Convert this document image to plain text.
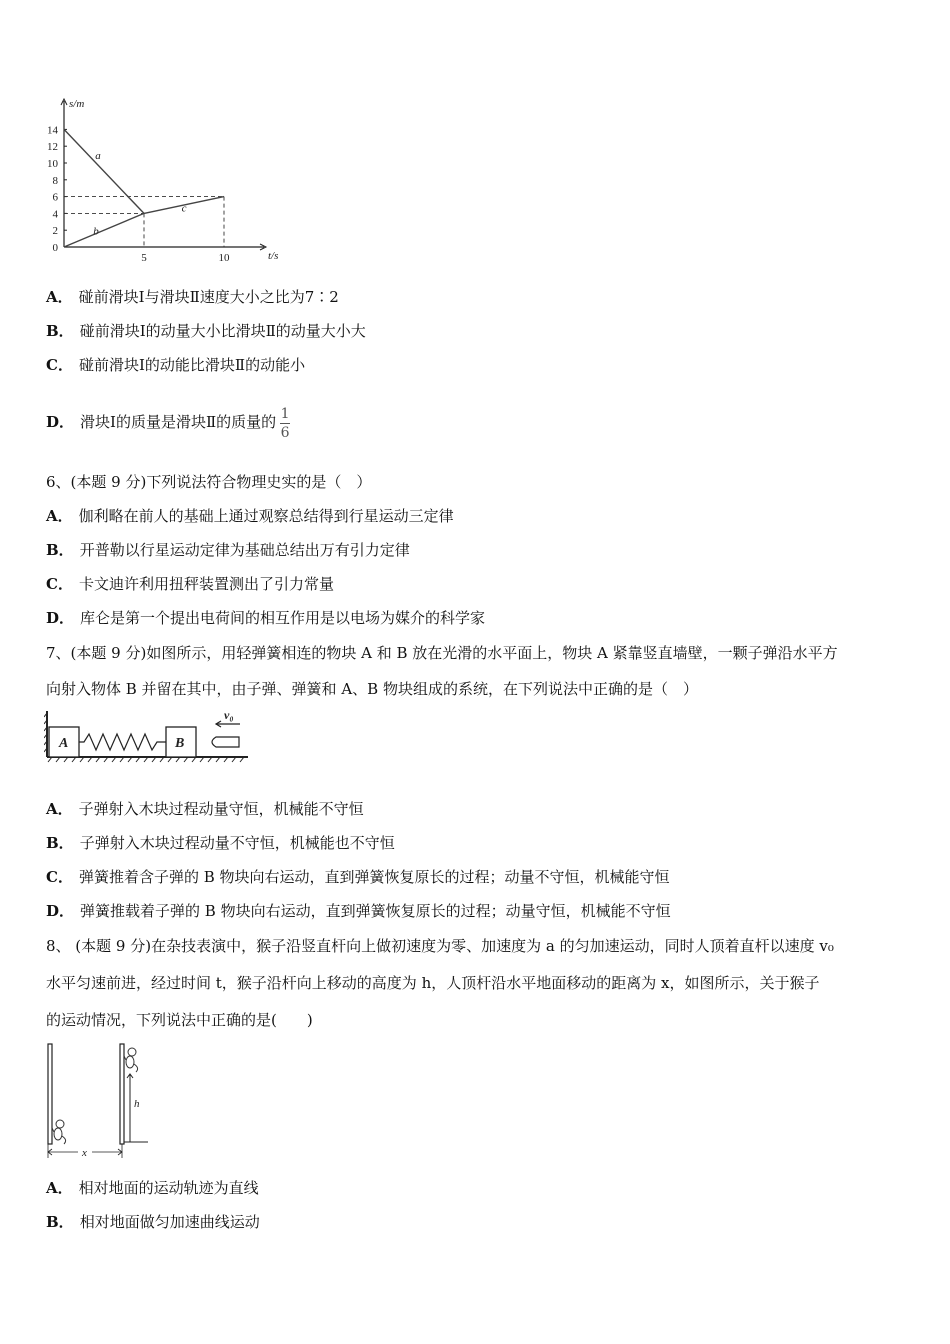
s/m
t/s
14
12
10
8
6
4
2
0
5	10
a
b
c
A． 碰前滑块Ⅰ与滑块Ⅱ速度大小之比为7∶2
B． 碰前滑块Ⅰ的动量大小比滑块Ⅱ的动量大小大
C． 碰前滑块Ⅰ的动能比滑块Ⅱ的动能小
D． 滑块Ⅰ的质量是滑块Ⅱ的质量的 $\frac{1}{6}$
6、(本题 9 分)下列说法符合物理史实的是（　）
A． 伽利略在前人的基础上通过观察总结得到行星运动三定律
B． 开普勒以行星运动定律为基础总结出万有引力定律
C． 卡文迪许利用扭秤装置测出了引力常量
D． 库仑是第一个提出电荷间的相互作用是以电场为媒介的科学家
7、(本题 9 分)如图所示，用轻弹簧相连的物块 A 和 B 放在光滑的水平面上，物块 A 紧靠竖直墙壁，一颗子弹沿水平方
向射入物体 B 并留在其中，由子弹、弹簧和 A、B 物块组成的系统，在下列说法中正确的是（　）
A	B
v₀
A． 子弹射入木块过程动量守恒，机械能不守恒
B． 子弹射入木块过程动量不守恒，机械能也不守恒
C． 弹簧推着含子弹的 B 物块向右运动，直到弹簧恢复原长的过程；动量不守恒，机械能守恒
D． 弹簧推载着子弹的 B 物块向右运动，直到弹簧恢复原长的过程；动量守恒，机械能不守恒
8、 (本题 9 分)在杂技表演中，猴子沿竖直杆向上做初速度为零、加速度为 a 的匀加速运动，同时人顶着直杆以速度 v₀
水平匀速前进，经过时间 t，猴子沿杆向上移动的高度为 h，人顶杆沿水平地面移动的距离为 x，如图所示，关于猴子
的运动情况，下列说法中正确的是(　　)
h
x
A． 相对地面的运动轨迹为直线
B． 相对地面做匀加速曲线运动
